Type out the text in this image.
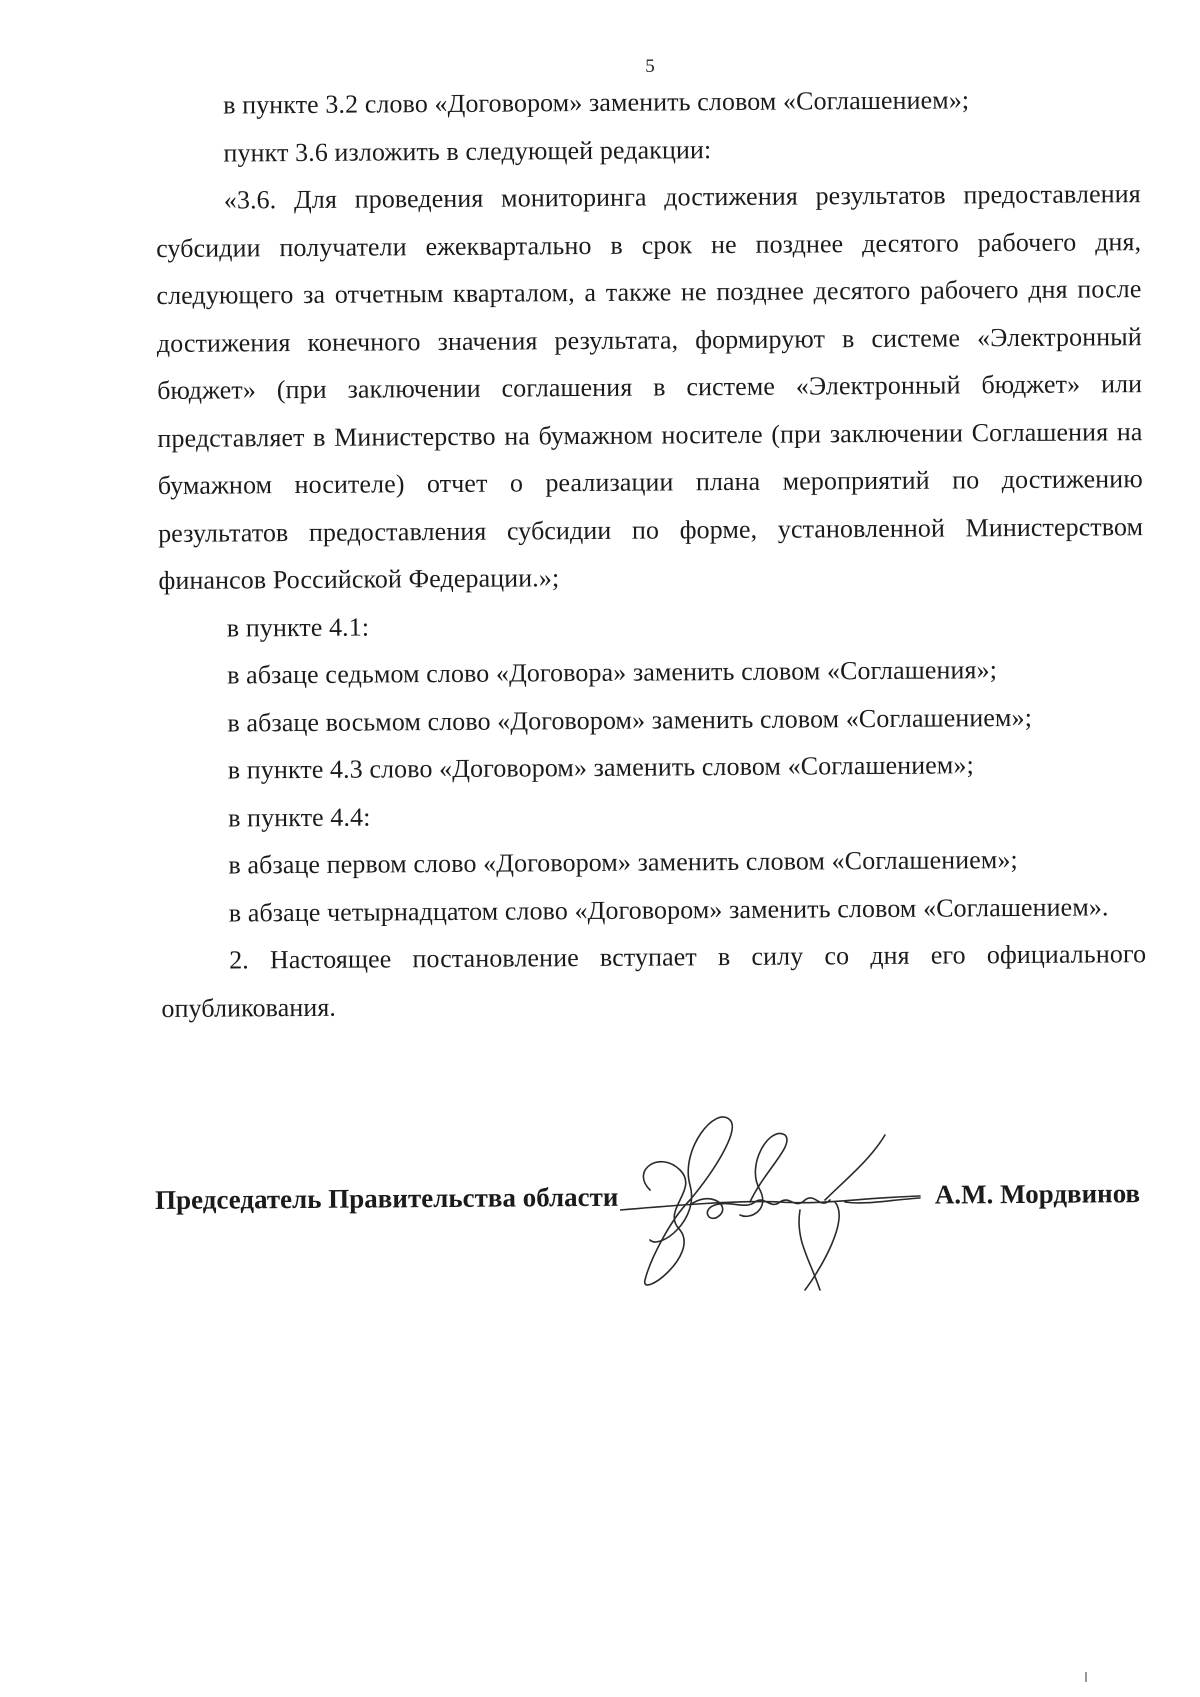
5

в пункте 3.2 слово «Договором» заменить словом «Соглашением»;

пункт 3.6 изложить в следующей редакции:

«3.6. Для проведения мониторинга достижения результатов предоставления субсидии получатели ежеквартально в срок не позднее десятого рабочего дня, следующего за отчетным кварталом, а также не позднее десятого рабочего дня после достижения конечного значения результата, формируют в системе «Электронный бюджет» (при заключении соглашения в системе «Электронный бюджет» или представляет в Министерство на бумажном носителе (при заключении Соглашения на бумажном носителе) отчет о реализации плана мероприятий по достижению результатов предоставления субсидии по форме, установленной Министерством финансов Российской Федерации.»;

в пункте 4.1:

в абзаце седьмом слово «Договора» заменить словом «Соглашения»;

в абзаце восьмом слово «Договором» заменить словом «Соглашением»;

в пункте 4.3 слово «Договором» заменить словом «Соглашением»;

в пункте 4.4:

в абзаце первом слово «Договором» заменить словом «Соглашением»;

в абзаце четырнадцатом слово «Договором» заменить словом «Соглашением».

2. Настоящее постановление вступает в силу со дня его официального опубликования.

Председатель Правительства области	А.М. Мордвинов
